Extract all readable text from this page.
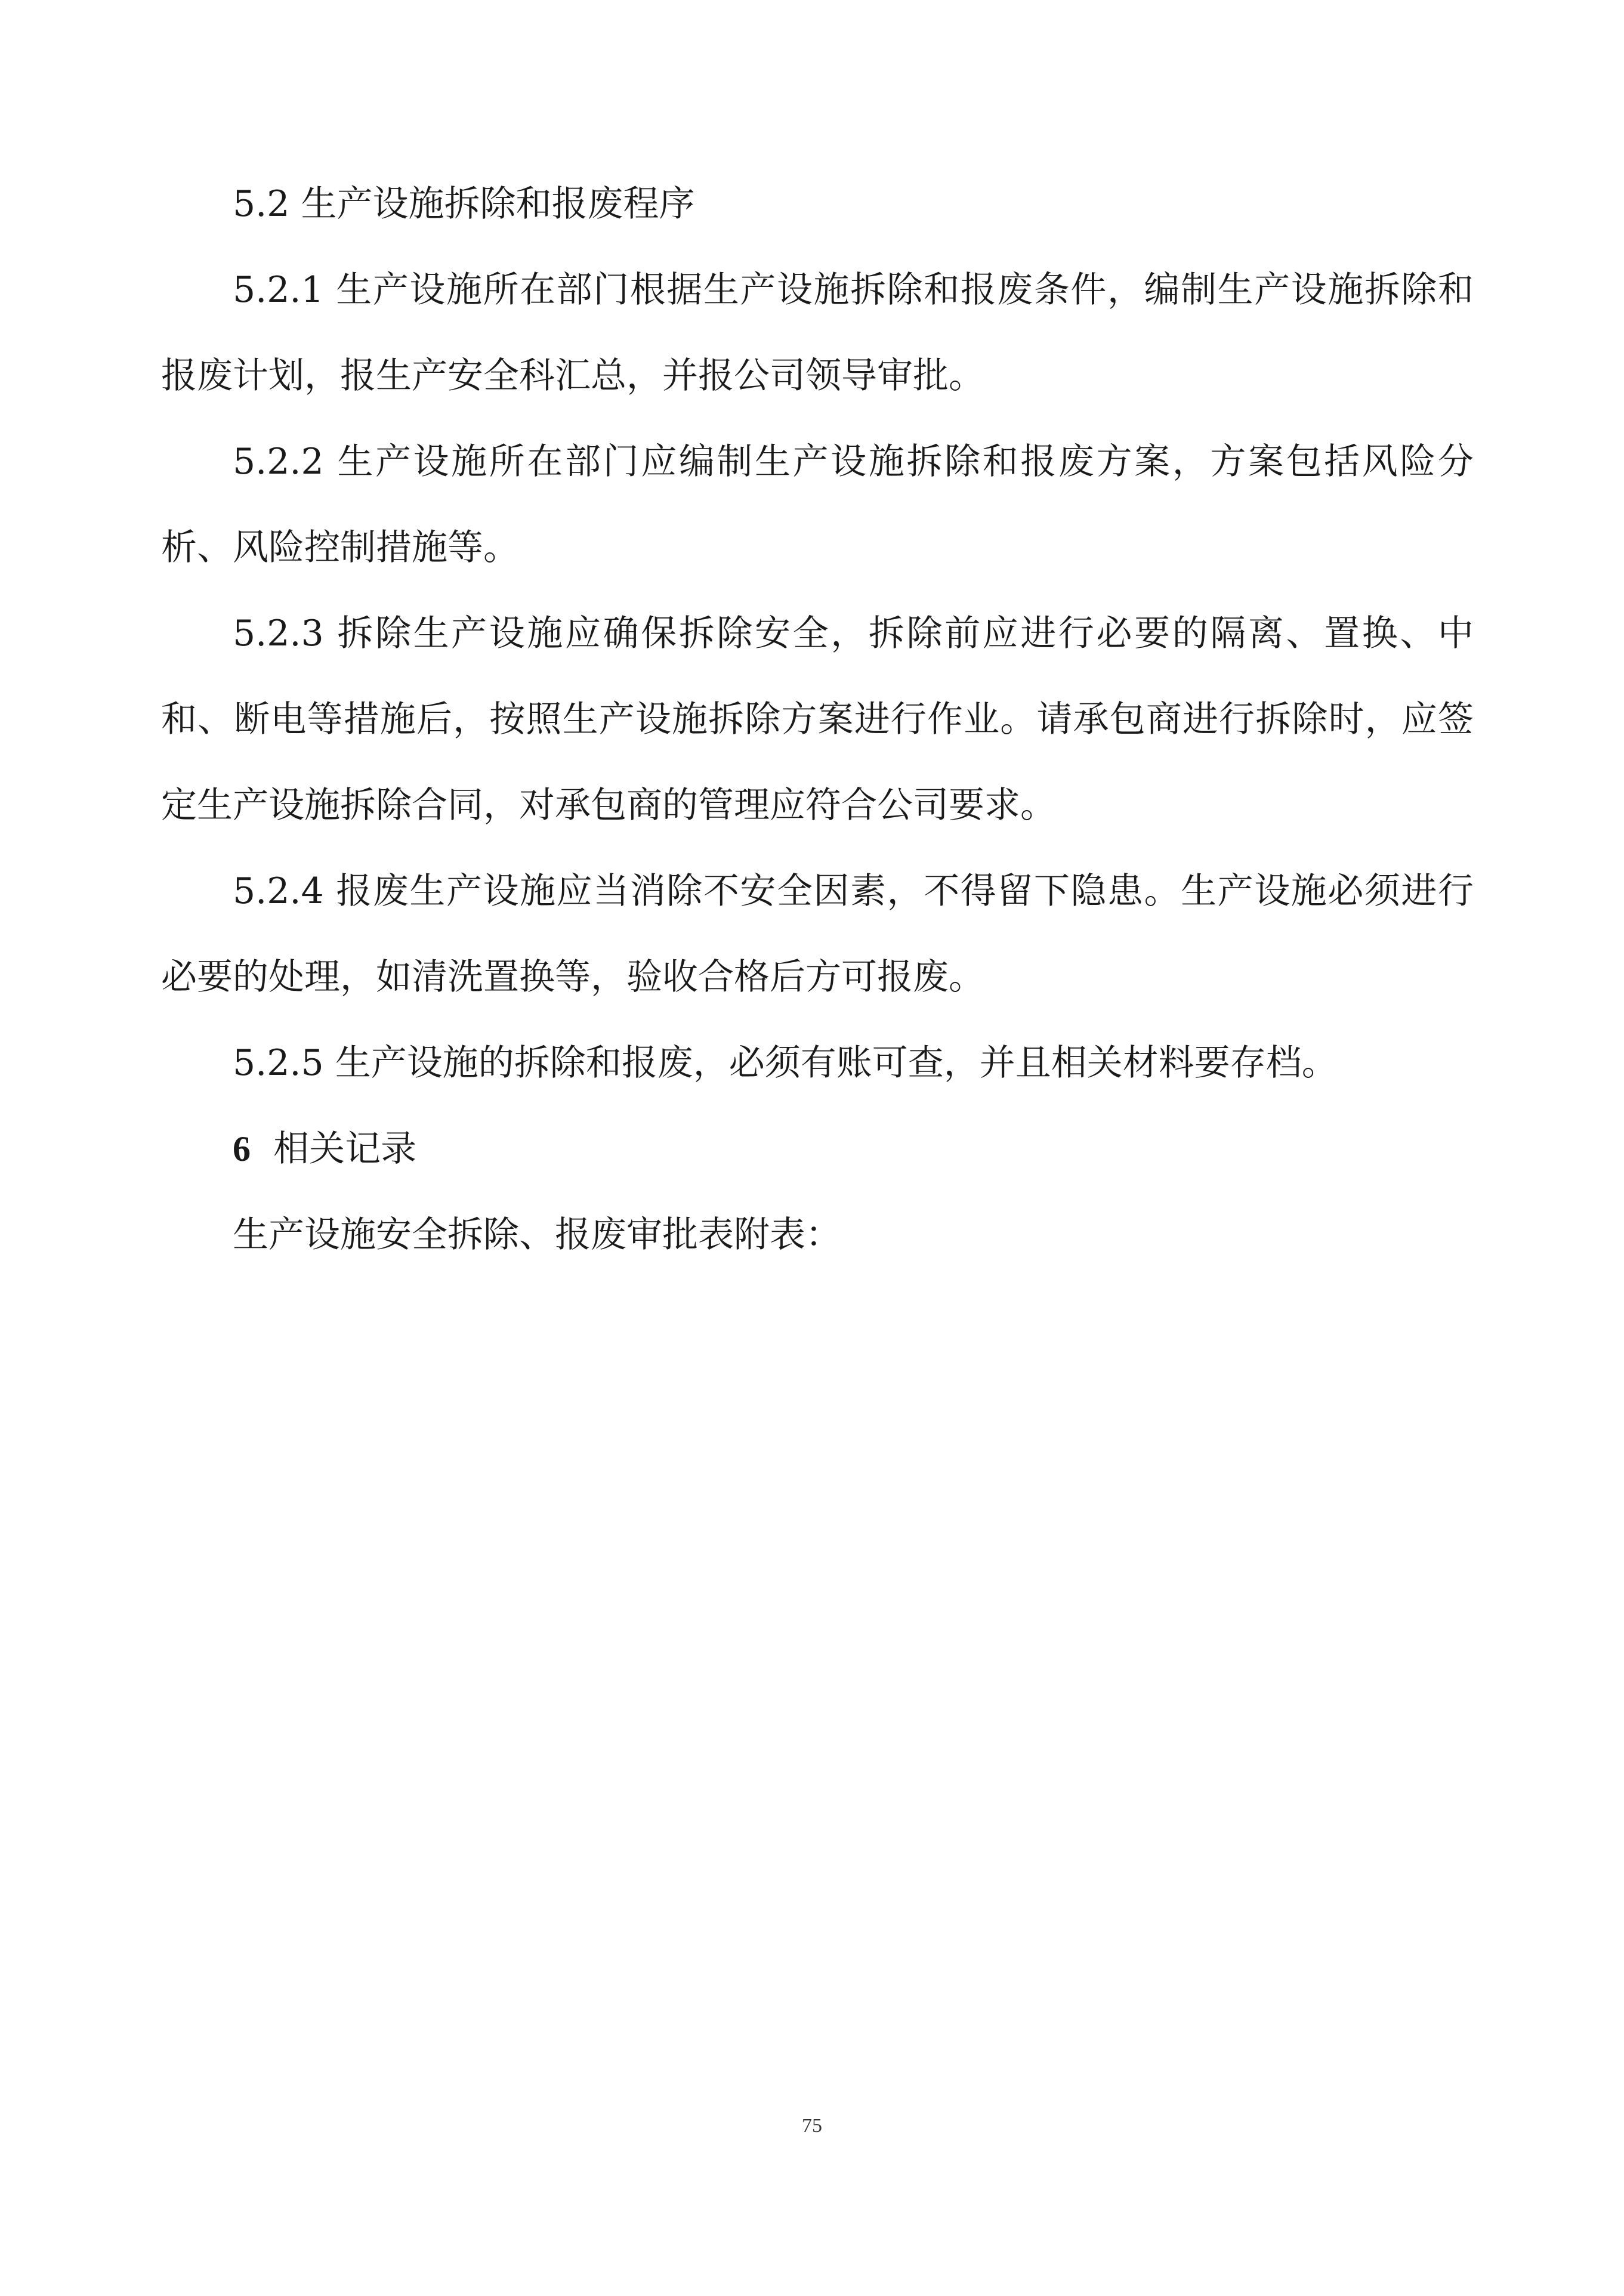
5.2 生产设施拆除和报废程序

5.2.1 生产设施所在部门根据生产设施拆除和报废条件，编制生产设施拆除和报废计划，报生产安全科汇总，并报公司领导审批。

5.2.2 生产设施所在部门应编制生产设施拆除和报废方案，方案包括风险分析、风险控制措施等。

5.2.3 拆除生产设施应确保拆除安全，拆除前应进行必要的隔离、置换、中和、断电等措施后，按照生产设施拆除方案进行作业。请承包商进行拆除时，应签定生产设施拆除合同，对承包商的管理应符合公司要求。

5.2.4 报废生产设施应当消除不安全因素，不得留下隐患。生产设施必须进行必要的处理，如清洗置换等，验收合格后方可报废。

5.2.5 生产设施的拆除和报废，必须有账可查，并且相关材料要存档。

6 相关记录

生产设施安全拆除、报废审批表附表：

75
